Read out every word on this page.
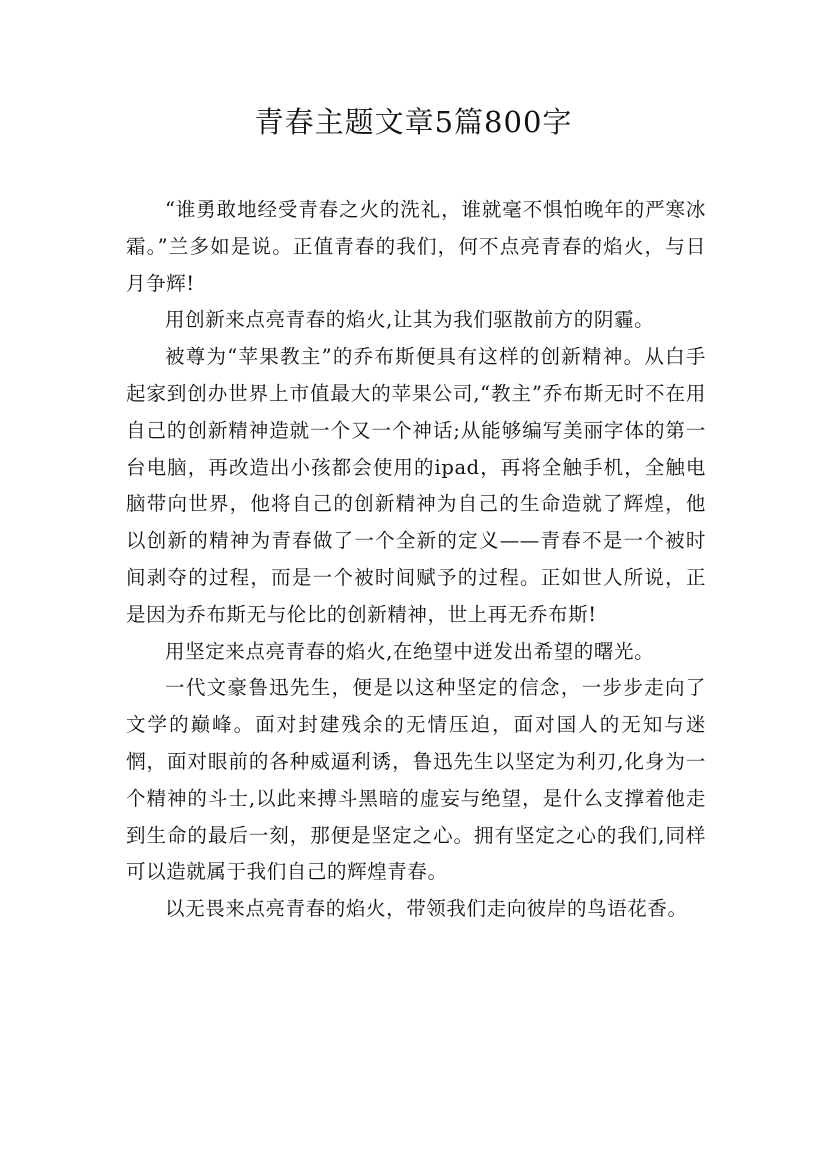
青春主题文章5篇800字

“谁勇敢地经受青春之火的洗礼，谁就毫不惧怕晚年的严寒冰霜。”兰多如是说。正值青春的我们，何不点亮青春的焰火，与日月争辉!

用创新来点亮青春的焰火,让其为我们驱散前方的阴霾。

被尊为“苹果教主”的乔布斯便具有这样的创新精神。从白手起家到创办世界上市值最大的苹果公司,“教主”乔布斯无时不在用自己的创新精神造就一个又一个神话;从能够编写美丽字体的第一台电脑，再改造出小孩都会使用的ipad，再将全触手机，全触电脑带向世界，他将自己的创新精神为自己的生命造就了辉煌，他以创新的精神为青春做了一个全新的定义——青春不是一个被时间剥夺的过程，而是一个被时间赋予的过程。正如世人所说，正是因为乔布斯无与伦比的创新精神，世上再无乔布斯!

用坚定来点亮青春的焰火,在绝望中迸发出希望的曙光。

一代文豪鲁迅先生，便是以这种坚定的信念，一步步走向了文学的巅峰。面对封建残余的无情压迫，面对国人的无知与迷惘，面对眼前的各种威逼利诱，鲁迅先生以坚定为利刃,化身为一个精神的斗士,以此来搏斗黑暗的虚妄与绝望，是什么支撑着他走到生命的最后一刻，那便是坚定之心。拥有坚定之心的我们,同样可以造就属于我们自己的辉煌青春。

以无畏来点亮青春的焰火，带领我们走向彼岸的鸟语花香。
